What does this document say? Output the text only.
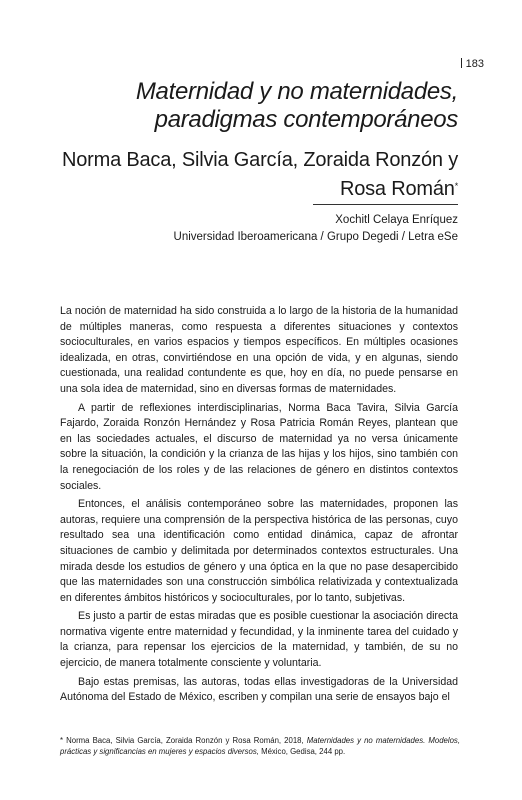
183
Maternidad y no maternidades,
paradigmas contemporáneos
Norma Baca, Silvia García, Zoraida Ronzón y
Rosa Román*
Xochitl Celaya Enríquez
Universidad Iberoamericana / Grupo Degedi / Letra eSe

La noción de maternidad ha sido construida a lo largo de la historia de la humanidad de múltiples maneras, como respuesta a diferentes situaciones y contextos socioculturales, en varios espacios y tiempos específicos. En múltiples ocasiones idealizada, en otras, convirtiéndose en una opción de vida, y en algunas, siendo cuestionada, una realidad contundente es que, hoy en día, no puede pensarse en una sola idea de maternidad, sino en diversas formas de maternidades.

A partir de reflexiones interdisciplinarias, Norma Baca Tavira, Silvia García Fajardo, Zoraida Ronzón Hernández y Rosa Patricia Román Reyes, plantean que en las sociedades actuales, el discurso de maternidad ya no versa únicamente sobre la situación, la condición y la crianza de las hijas y los hijos, sino también con la renegociación de los roles y de las relaciones de género en distintos contextos sociales.

Entonces, el análisis contemporáneo sobre las maternidades, proponen las autoras, requiere una comprensión de la perspectiva histórica de las personas, cuyo resultado sea una identificación como entidad dinámica, capaz de afrontar situaciones de cambio y delimitada por determinados contextos estructurales. Una mirada desde los estudios de género y una óptica en la que no pase desapercibido que las maternidades son una construcción simbólica relativizada y contextualizada en diferentes ámbitos históricos y socioculturales, por lo tanto, subjetivas.

Es justo a partir de estas miradas que es posible cuestionar la asociación directa normativa vigente entre maternidad y fecundidad, y la inminente tarea del cuidado y la crianza, para repensar los ejercicios de la maternidad, y también, de su no ejercicio, de manera totalmente consciente y voluntaria.

Bajo estas premisas, las autoras, todas ellas investigadoras de la Universidad Autónoma del Estado de México, escriben y compilan una serie de ensayos bajo el

* Norma Baca, Silvia García, Zoraida Ronzón y Rosa Román, 2018, Maternidades y no maternidades. Modelos, prácticas y significancias en mujeres y espacios diversos, México, Gedisa, 244 pp.
